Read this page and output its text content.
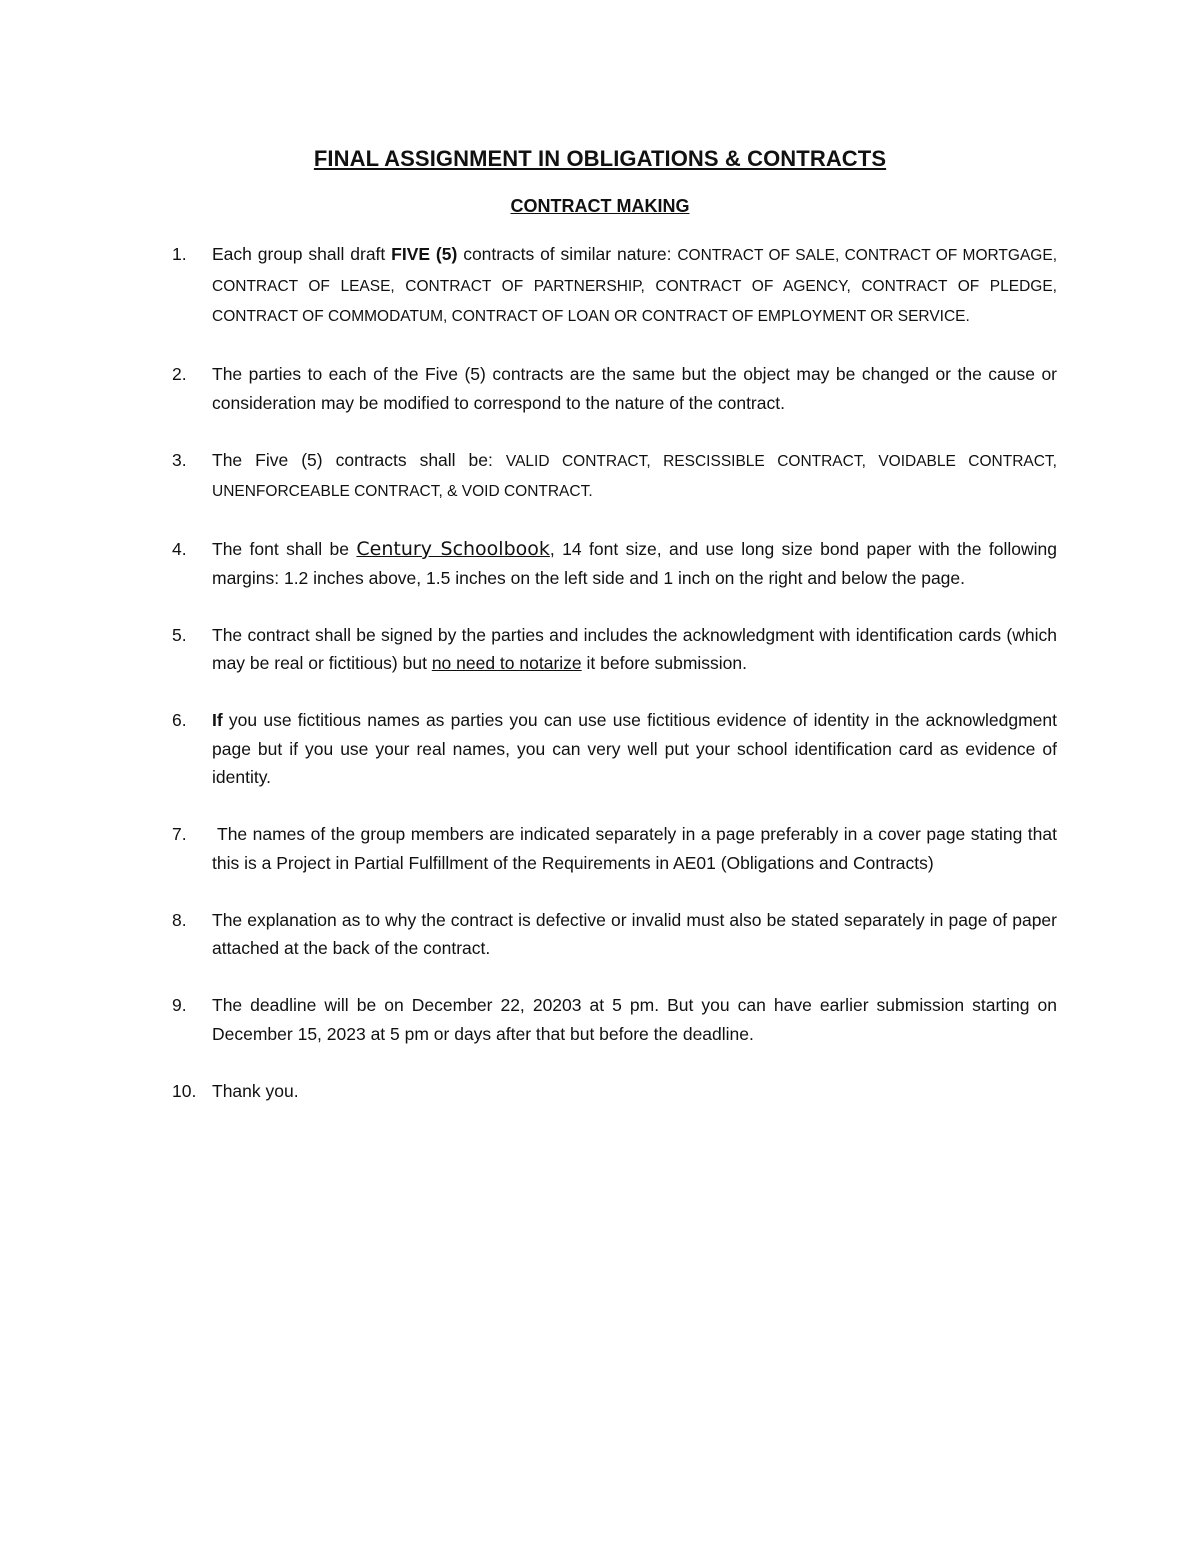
FINAL ASSIGNMENT IN OBLIGATIONS & CONTRACTS
CONTRACT MAKING
1. Each group shall draft FIVE (5) contracts of similar nature: CONTRACT OF SALE, CONTRACT OF MORTGAGE, CONTRACT OF LEASE, CONTRACT OF PARTNERSHIP, CONTRACT OF AGENCY, CONTRACT OF PLEDGE, CONTRACT OF COMMODATUM, CONTRACT OF LOAN OR CONTRACT OF EMPLOYMENT OR SERVICE.
2. The parties to each of the Five (5) contracts are the same but the object may be changed or the cause or consideration may be modified to correspond to the nature of the contract.
3. The Five (5) contracts shall be: VALID CONTRACT, RESCISSIBLE CONTRACT, VOIDABLE CONTRACT, UNENFORCEABLE CONTRACT, & VOID CONTRACT.
4. The font shall be Century Schoolbook, 14 font size, and use long size bond paper with the following margins: 1.2 inches above, 1.5 inches on the left side and 1 inch on the right and below the page.
5. The contract shall be signed by the parties and includes the acknowledgment with identification cards (which may be real or fictitious) but no need to notarize it before submission.
6. If you use fictitious names as parties you can use use fictitious evidence of identity in the acknowledgment page but if you use your real names, you can very well put your school identification card as evidence of identity.
7. The names of the group members are indicated separately in a page preferably in a cover page stating that this is a Project in Partial Fulfillment of the Requirements in AE01 (Obligations and Contracts)
8. The explanation as to why the contract is defective or invalid must also be stated separately in page of paper attached at the back of the contract.
9. The deadline will be on December 22, 20203 at 5 pm. But you can have earlier submission starting on December 15, 2023 at 5 pm or days after that but before the deadline.
10. Thank you.
